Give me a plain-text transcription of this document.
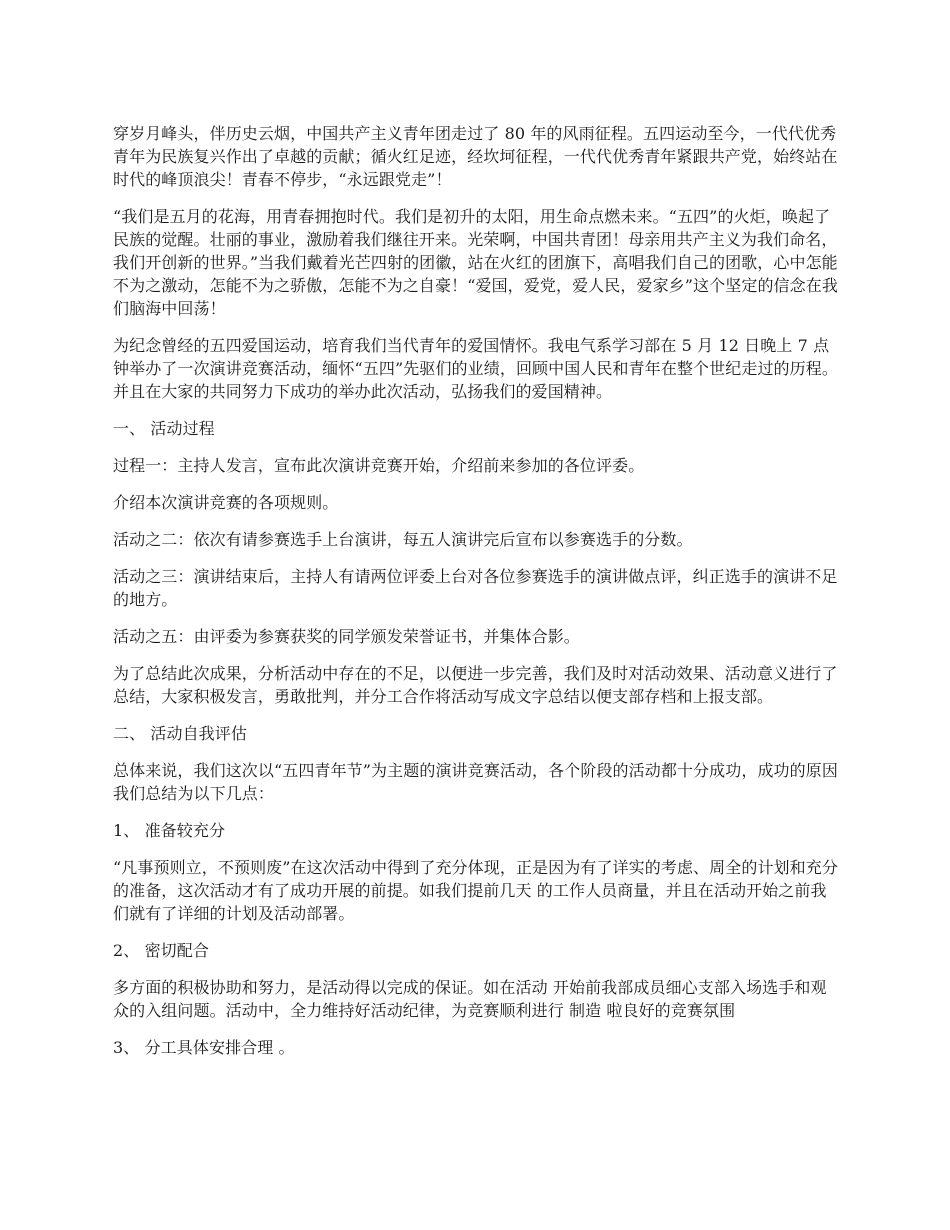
穿岁月峰头，伴历史云烟，中国共产主义青年团走过了 80 年的风雨征程。五四运动至今，一代代优秀青年为民族复兴作出了卓越的贡献；循火红足迹，经坎坷征程，一代代优秀青年紧跟共产党，始终站在时代的峰顶浪尖！青春不停步，“永远跟党走”！

“我们是五月的花海，用青春拥抱时代。我们是初升的太阳，用生命点燃未来。“五四”的火炬，唤起了民族的觉醒。壮丽的事业，激励着我们继往开来。光荣啊，中国共青团！母亲用共产主义为我们命名，我们开创新的世界。”当我们戴着光芒四射的团徽，站在火红的团旗下，高唱我们自己的团歌，心中怎能不为之激动，怎能不为之骄傲，怎能不为之自豪！“爱国，爱党，爱人民，爱家乡”这个坚定的信念在我们脑海中回荡！

为纪念曾经的五四爱国运动，培育我们当代青年的爱国情怀。我电气系学习部在 5 月 12 日晚上 7 点钟举办了一次演讲竞赛活动，缅怀“五四”先驱们的业绩，回顾中国人民和青年在整个世纪走过的历程。并且在大家的共同努力下成功的举办此次活动，弘扬我们的爱国精神。

一、 活动过程

过程一：主持人发言，宣布此次演讲竞赛开始，介绍前来参加的各位评委。

介绍本次演讲竞赛的各项规则。

活动之二：依次有请参赛选手上台演讲，每五人演讲完后宣布以参赛选手的分数。

活动之三：演讲结束后，主持人有请两位评委上台对各位参赛选手的演讲做点评，纠正选手的演讲不足的地方。

活动之五：由评委为参赛获奖的同学颁发荣誉证书，并集体合影。

为了总结此次成果，分析活动中存在的不足，以便进一步完善，我们及时对活动效果、活动意义进行了总结，大家积极发言，勇敢批判，并分工合作将活动写成文字总结以便支部存档和上报支部。

二、 活动自我评估

总体来说，我们这次以“五四青年节”为主题的演讲竞赛活动，各个阶段的活动都十分成功，成功的原因我们总结为以下几点：

1、 准备较充分

“凡事预则立，不预则废”在这次活动中得到了充分体现，正是因为有了详实的考虑、周全的计划和充分的准备，这次活动才有了成功开展的前提。如我们提前几天 的工作人员商量，并且在活动开始之前我们就有了详细的计划及活动部署。

2、 密切配合

多方面的积极协助和努力，是活动得以完成的保证。如在活动 开始前我部成员细心支部入场选手和观众的入组问题。活动中，全力维持好活动纪律，为竞赛顺利进行 制造 啦良好的竞赛氛围

3、 分工具体安排合理 。
